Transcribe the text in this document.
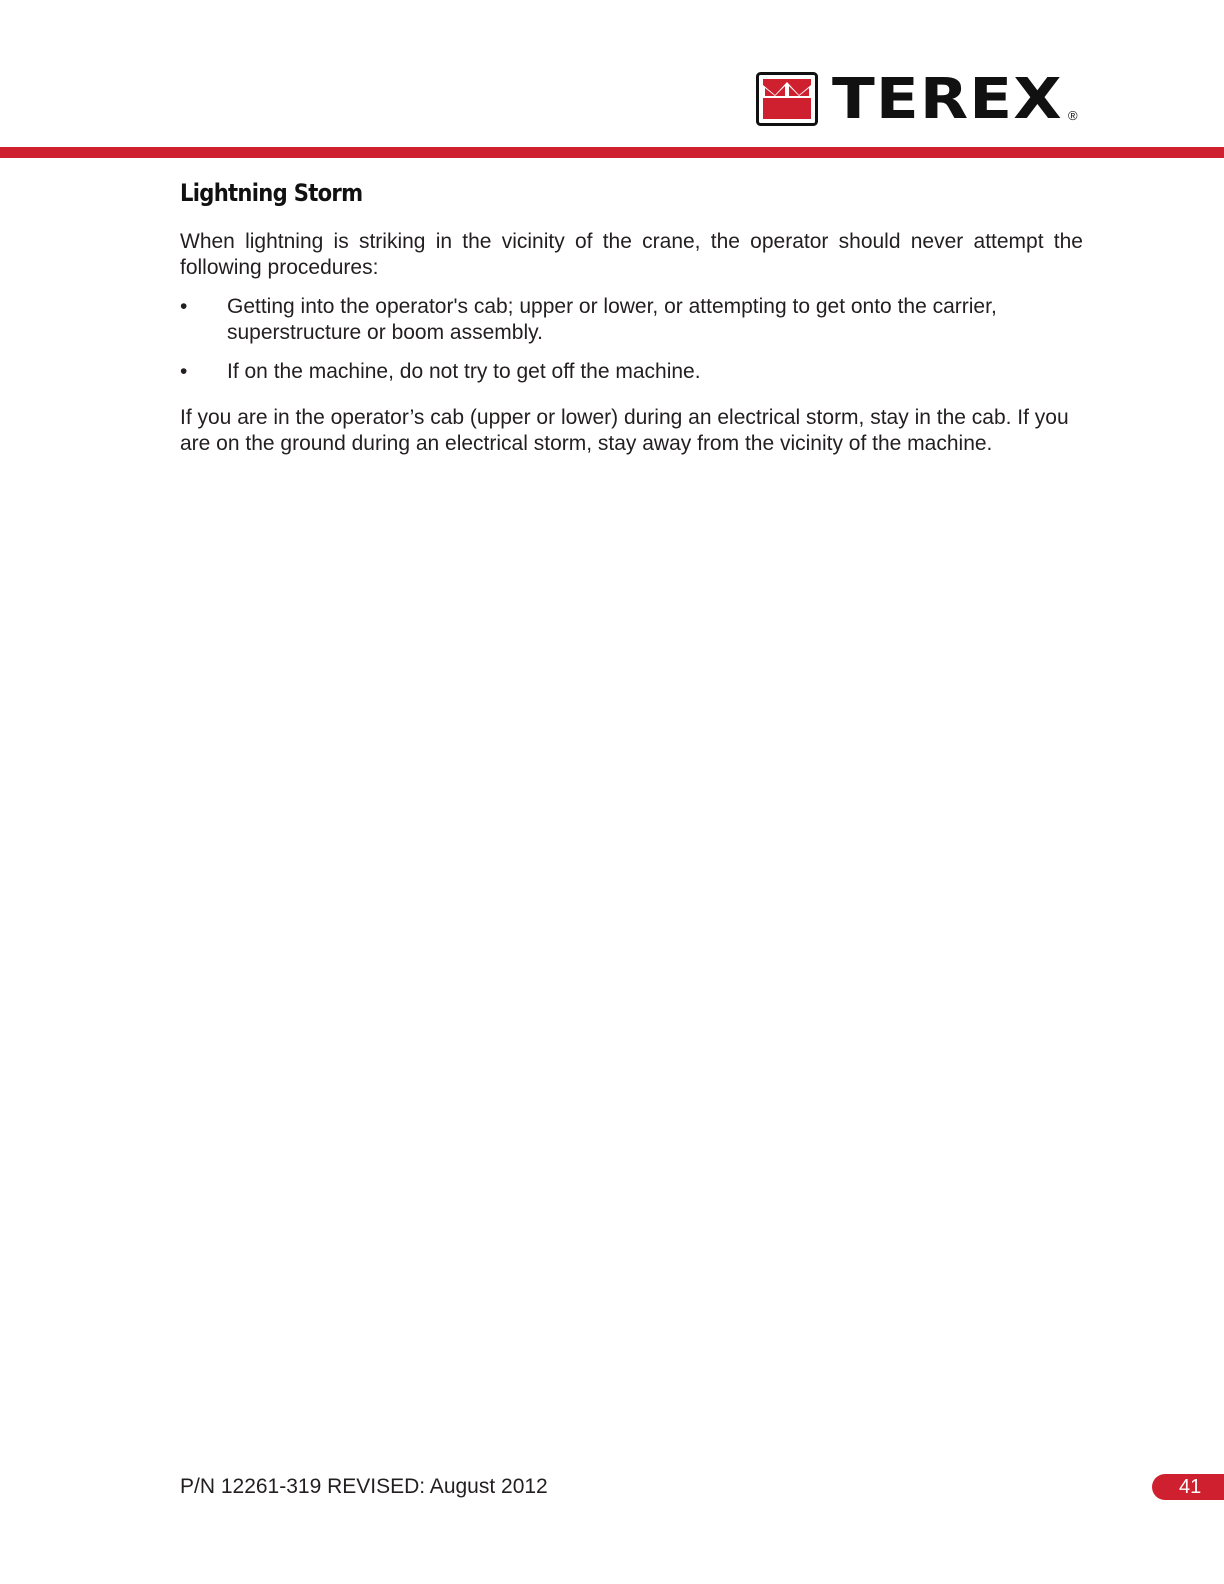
TEREX ®
Lightning Storm

When lightning is striking in the vicinity of the crane, the operator should never attempt the following procedures:

•	Getting into the operator's cab; upper or lower, or attempting to get onto the carrier, superstructure or boom assembly.
•	If on the machine, do not try to get off the machine.

If you are in the operator’s cab (upper or lower) during an electrical storm, stay in the cab. If you are on the ground during an electrical storm, stay away from the vicinity of the machine.

P/N 12261-319 REVISED: August 2012	41
